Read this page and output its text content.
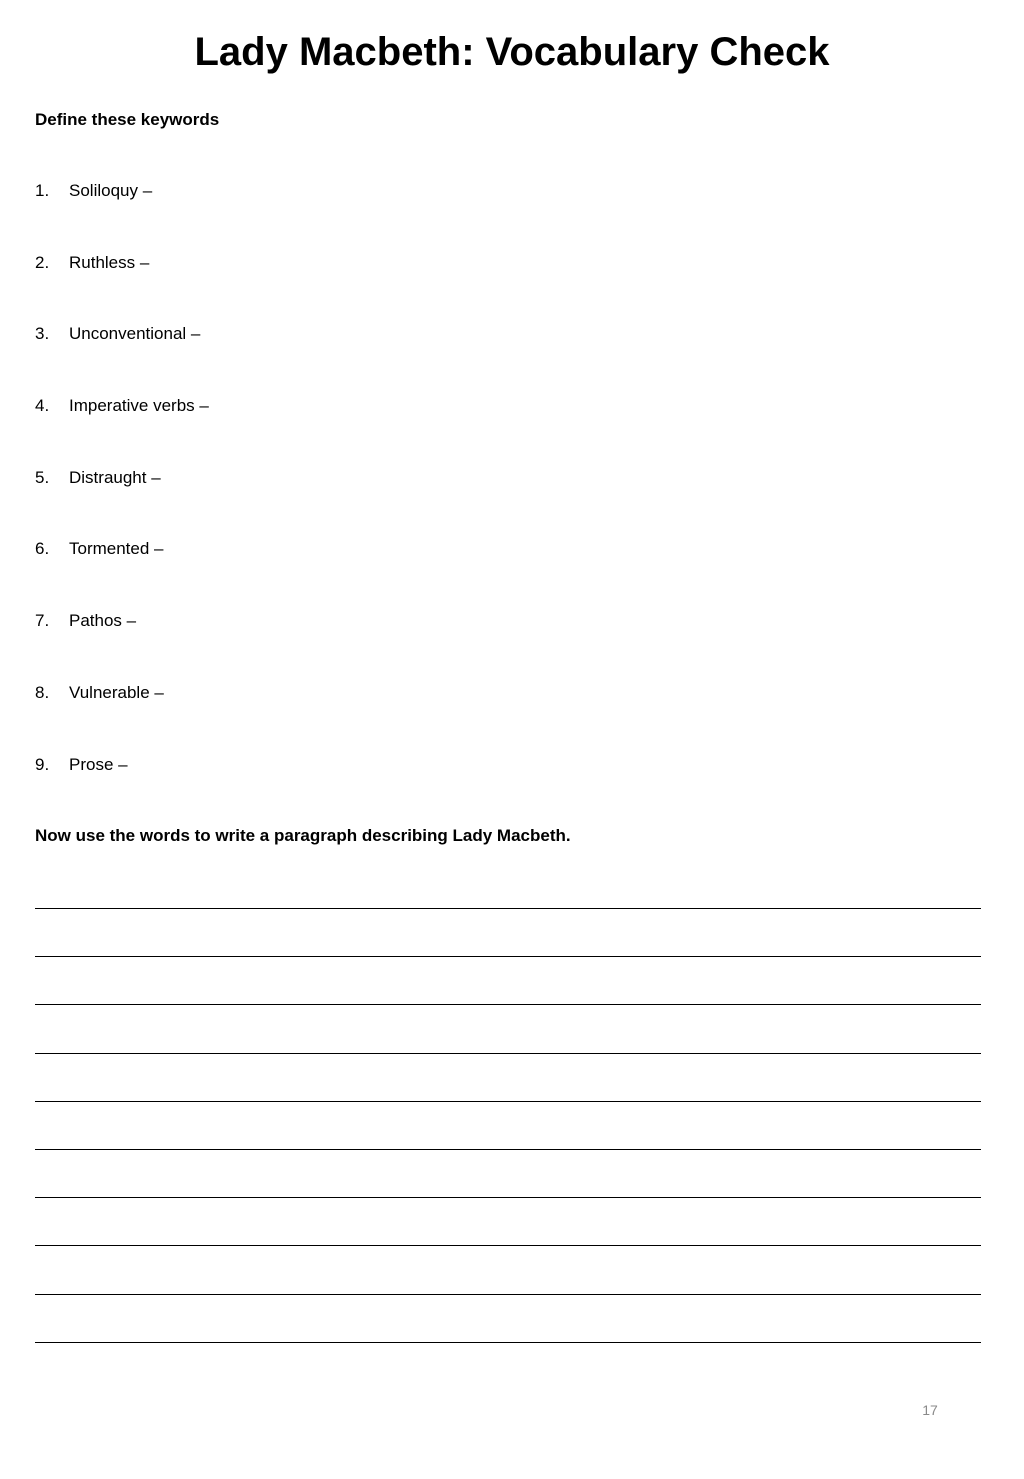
Lady Macbeth: Vocabulary Check

Define these keywords

1.	Soliloquy –
2.	Ruthless –
3.	Unconventional –
4.	Imperative verbs –
5.	Distraught –
6.	Tormented –
7.	Pathos –
8.	Vulnerable –
9.	Prose –

Now use the words to write a paragraph describing Lady Macbeth.

17
